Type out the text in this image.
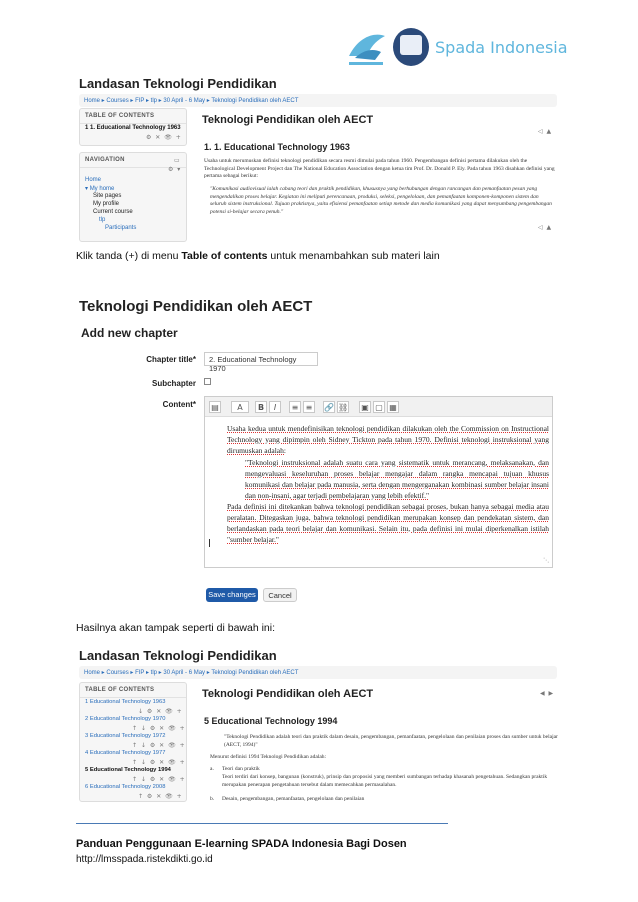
Spada Indonesia
Landasan Teknologi Pendidikan
Home ▸ Courses ▸ FIP ▸ tlp ▸ 30 April - 6 May ▸ Teknologi Pendidikan oleh AECT
TABLE OF CONTENTS
1 1. Educational Technology 1963
⚙ ✕ 👁 +
NAVIGATION	▭
⚙ ▾
Home
▾ My home
Site pages
My profile
Current course
tlp
Participants
Teknologi Pendidikan oleh AECT
◁ ▲
1. 1. Educational Technology 1963
Usaha untuk merumuskan definisi teknologi pendidikan secara resmi dimulai pada tahun 1960. Pengembangan definisi pertama dilakukan oleh the Technological Development Project dan The National Education Association dengan ketua tim Prof. Dr. Donald P. Ely. Pada tahun 1963 disahkan definisi yang pertama sebagai berikut:
"Komunikasi audiovisual ialah cabang teori dan praktik pendidikan, khususnya yang berhubungan dengan rancangan dan pemanfaatan pesan yang mengendalikan proses belajar. Kegiatan ini meliputi perencanaan, produksi, seleksi, pengelolaan, dan pemanfaatan komponen-komponen sistem dan seluruh sistem instruksional. Tujuan praktisnya, yaitu efisiensi pemanfaatan setiap metode dan media komunikasi yang dapat menyumbang pengembangan potensi si-belajar secara penuh."
◁ ▲
Klik tanda (+) di menu Table of contents untuk menambahkan sub materi lain
Teknologi Pendidikan oleh AECT
Add new chapter
Chapter title*	2. Educational Technology 1970
Subchapter
Content* ▤	A	B	I	≡ ≡	🔗 ⛓ ▣ ▢ ▦
Usaha kedua untuk mendefinisikan teknologi pendidikan dilakukan oleh the Commission on Instructional Technology yang dipimpin oleh Sidney Tickton pada tahun 1970. Definisi teknologi instruksional yang dirumuskan adalah:
"Teknologi instruksional adalah suatu cara yang sistematik untuk merancang, melaksanakan, dan mengevaluasi keseluruhan proses belajar mengajar dalam rangka mencapai tujuan khusus komunikasi dan belajar pada manusia, serta dengan mengerganakan kombinasi sumber belajar insani dan non-insani, agar terjadi pembelajaran yang lebih efektif."
Pada definisi ini ditekankan bahwa teknologi pendidikan sebagai proses, bukan hanya sebagai media atau peralatan. Ditegaskan juga, bahwa teknologi pendidikan merupakan konsep dan pendekatan sistem, dan berlandaskan pada teori belajar dan komunikasi. Selain itu, pada definisi ini mulai diperkenalkan istilah "sumber belajar."
⋱
Save changes	Cancel
Hasilnya akan tampak seperti di bawah ini:
Landasan Teknologi Pendidikan
Home ▸ Courses ▸ FIP ▸ tlp ▸ 30 April - 6 May ▸ Teknologi Pendidikan oleh AECT
TABLE OF CONTENTS
1 Educational Technology 1963
↓ ⚙ ✕ 👁 +
2 Educational Technology 1970
↑ ↓ ⚙ ✕ 👁 +
3 Educational Technology 1972
↑ ↓ ⚙ ✕ 👁 +
4 Educational Technology 1977
↑ ↓ ⚙ ✕ 👁 +
5 Educational Technology 1994
↑ ↓ ⚙ ✕ 👁 +
6 Educational Technology 2008
↑ ⚙ ✕ 👁 +
Teknologi Pendidikan oleh AECT	◀ ▶
5 Educational Technology 1994
"Teknologi Pendidikan adalah teori dan praktik dalam desain, pengembangan, pemanfaatan, pengelolaan dan penilaian proses dan sumber untuk belajar (AECT, 1994)"
Menurut definisi 1994 Teknologi Pendidikan adalah:
a. Teori dan praktik
Teori terdiri dari konsep, bangunan (konstruk), prinsip dan proposisi yang memberi sumbangan terhadap khasanah pengetahuan. Sedangkan praktik merupakan penerapan pengetahuan tersebut dalam memecahkan permasalahan.
b. Desain, pengembangan, pemanfaatan, pengelolaan dan penilaian
Panduan Penggunaan E-learning SPADA Indonesia Bagi Dosen
http://lmsspada.ristekdikti.go.id
